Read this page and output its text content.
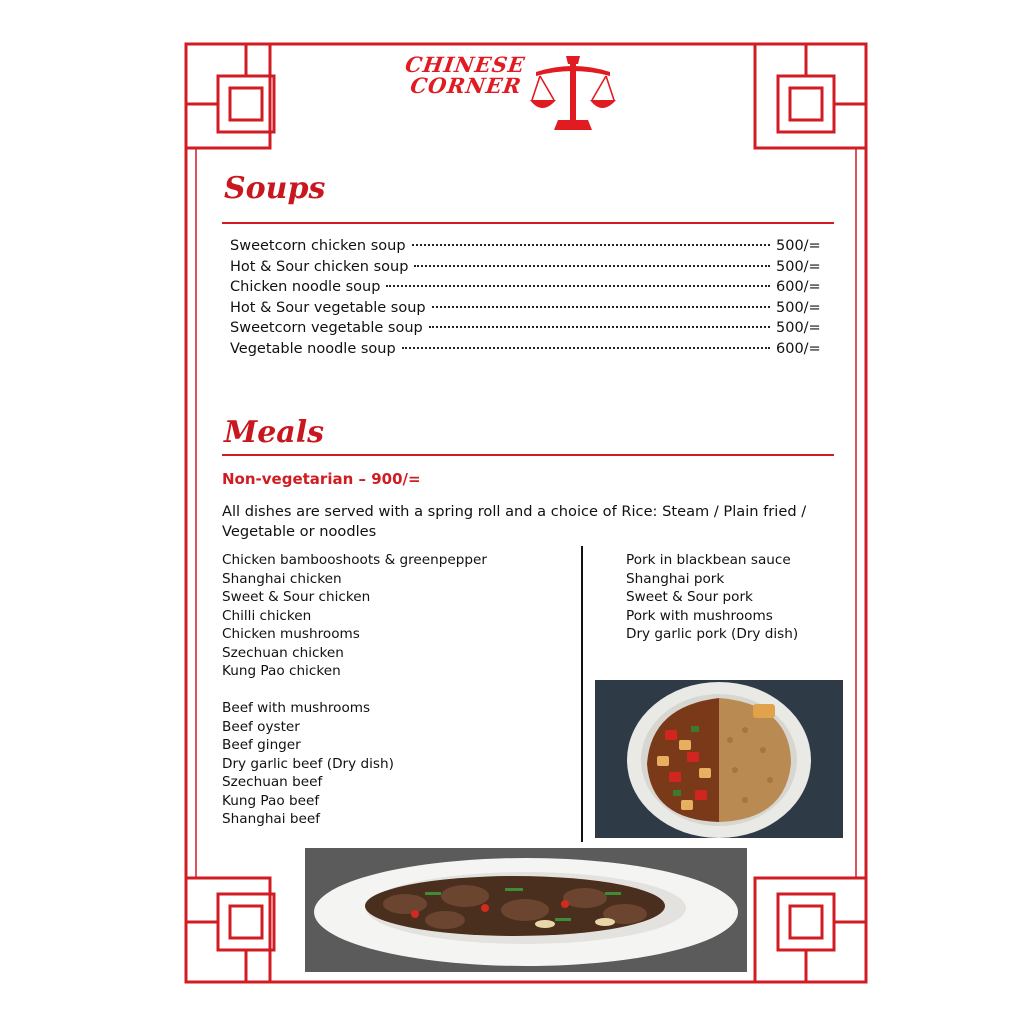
CHINESE
CORNER
Soups
Sweetcorn chicken soup	500/=
Hot & Sour chicken soup	500/=
Chicken noodle soup	600/=
Hot & Sour vegetable soup	500/=
Sweetcorn vegetable soup	500/=
Vegetable noodle soup	600/=
Meals
Non-vegetarian – 900/=
All dishes are served with a spring roll and a choice of Rice: Steam / Plain fried / Vegetable or noodles
Chicken bambooshoots & greenpepper
Shanghai chicken
Sweet & Sour chicken
Chilli chicken
Chicken mushrooms
Szechuan chicken
Kung Pao chicken
Beef with mushrooms
Beef oyster
Beef ginger
Dry garlic beef (Dry dish)
Szechuan beef
Kung Pao beef
Shanghai beef
Pork in blackbean sauce
Shanghai pork
Sweet & Sour pork
Pork with mushrooms
Dry garlic pork (Dry dish)
